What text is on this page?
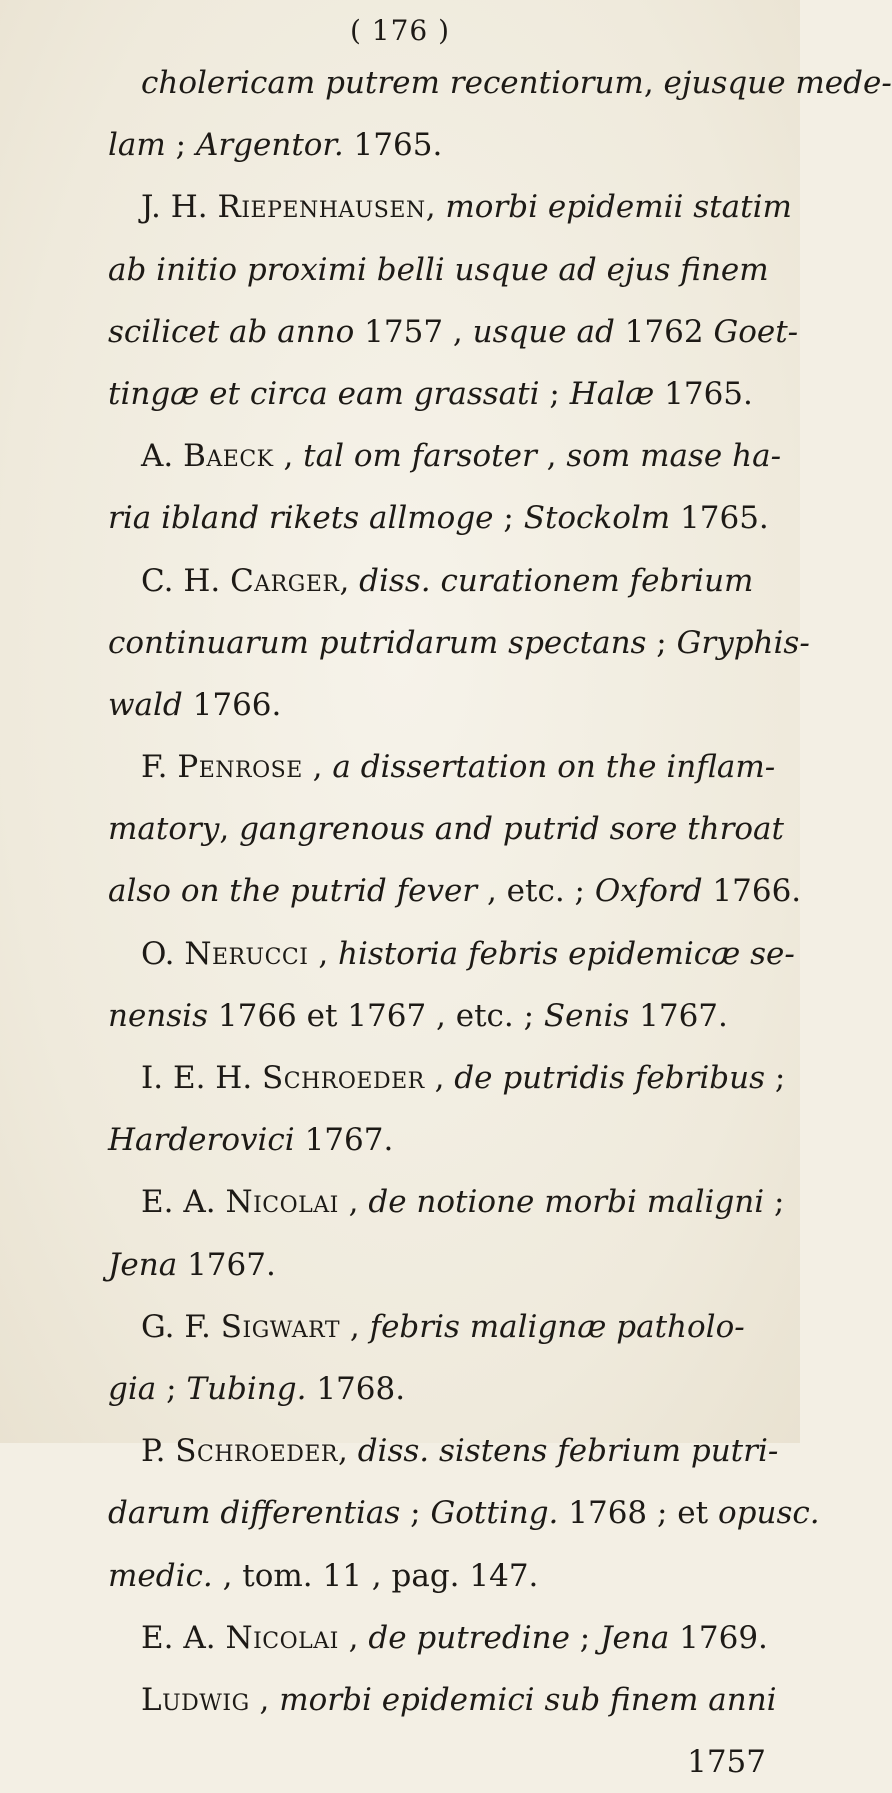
( 176 )
cholericam putrem recentiorum, ejusque mede-
lam ; Argentor. 1765.
J. H. Riepenhausen, morbi epidemii statim
ab initio proximi belli usque ad ejus finem
scilicet ab anno 1757 , usque ad 1762 Goet-
tingæ et circa eam grassati ; Halæ 1765.
A. Baeck , tal om farsoter , som mase ha-
ria ibland rikets allmoge ; Stockolm 1765.
C. H. Carger, diss. curationem febrium
continuarum putridarum spectans ; Gryphis-
wald 1766.
F. Penrose , a dissertation on the inflam-
matory, gangrenous and putrid sore throat
also on the putrid fever , etc. ; Oxford 1766.
O. Nerucci , historia febris epidemicæ se-
nensis 1766 et 1767 , etc. ; Senis 1767.
I. E. H. Schroeder , de putridis febribus ;
Harderovici 1767.
E. A. Nicolai , de notione morbi maligni ;
Jena 1767.
G. F. Sigwart , febris malignæ patholo-
gia ; Tubing. 1768.
P. Schroeder, diss. sistens febrium putri-
darum differentias ; Gotting. 1768 ; et opusc.
medic. , tom. 11 , pag. 147.
E. A. Nicolai , de putredine ; Jena 1769.
Ludwig , morbi epidemici sub finem anni
1757
